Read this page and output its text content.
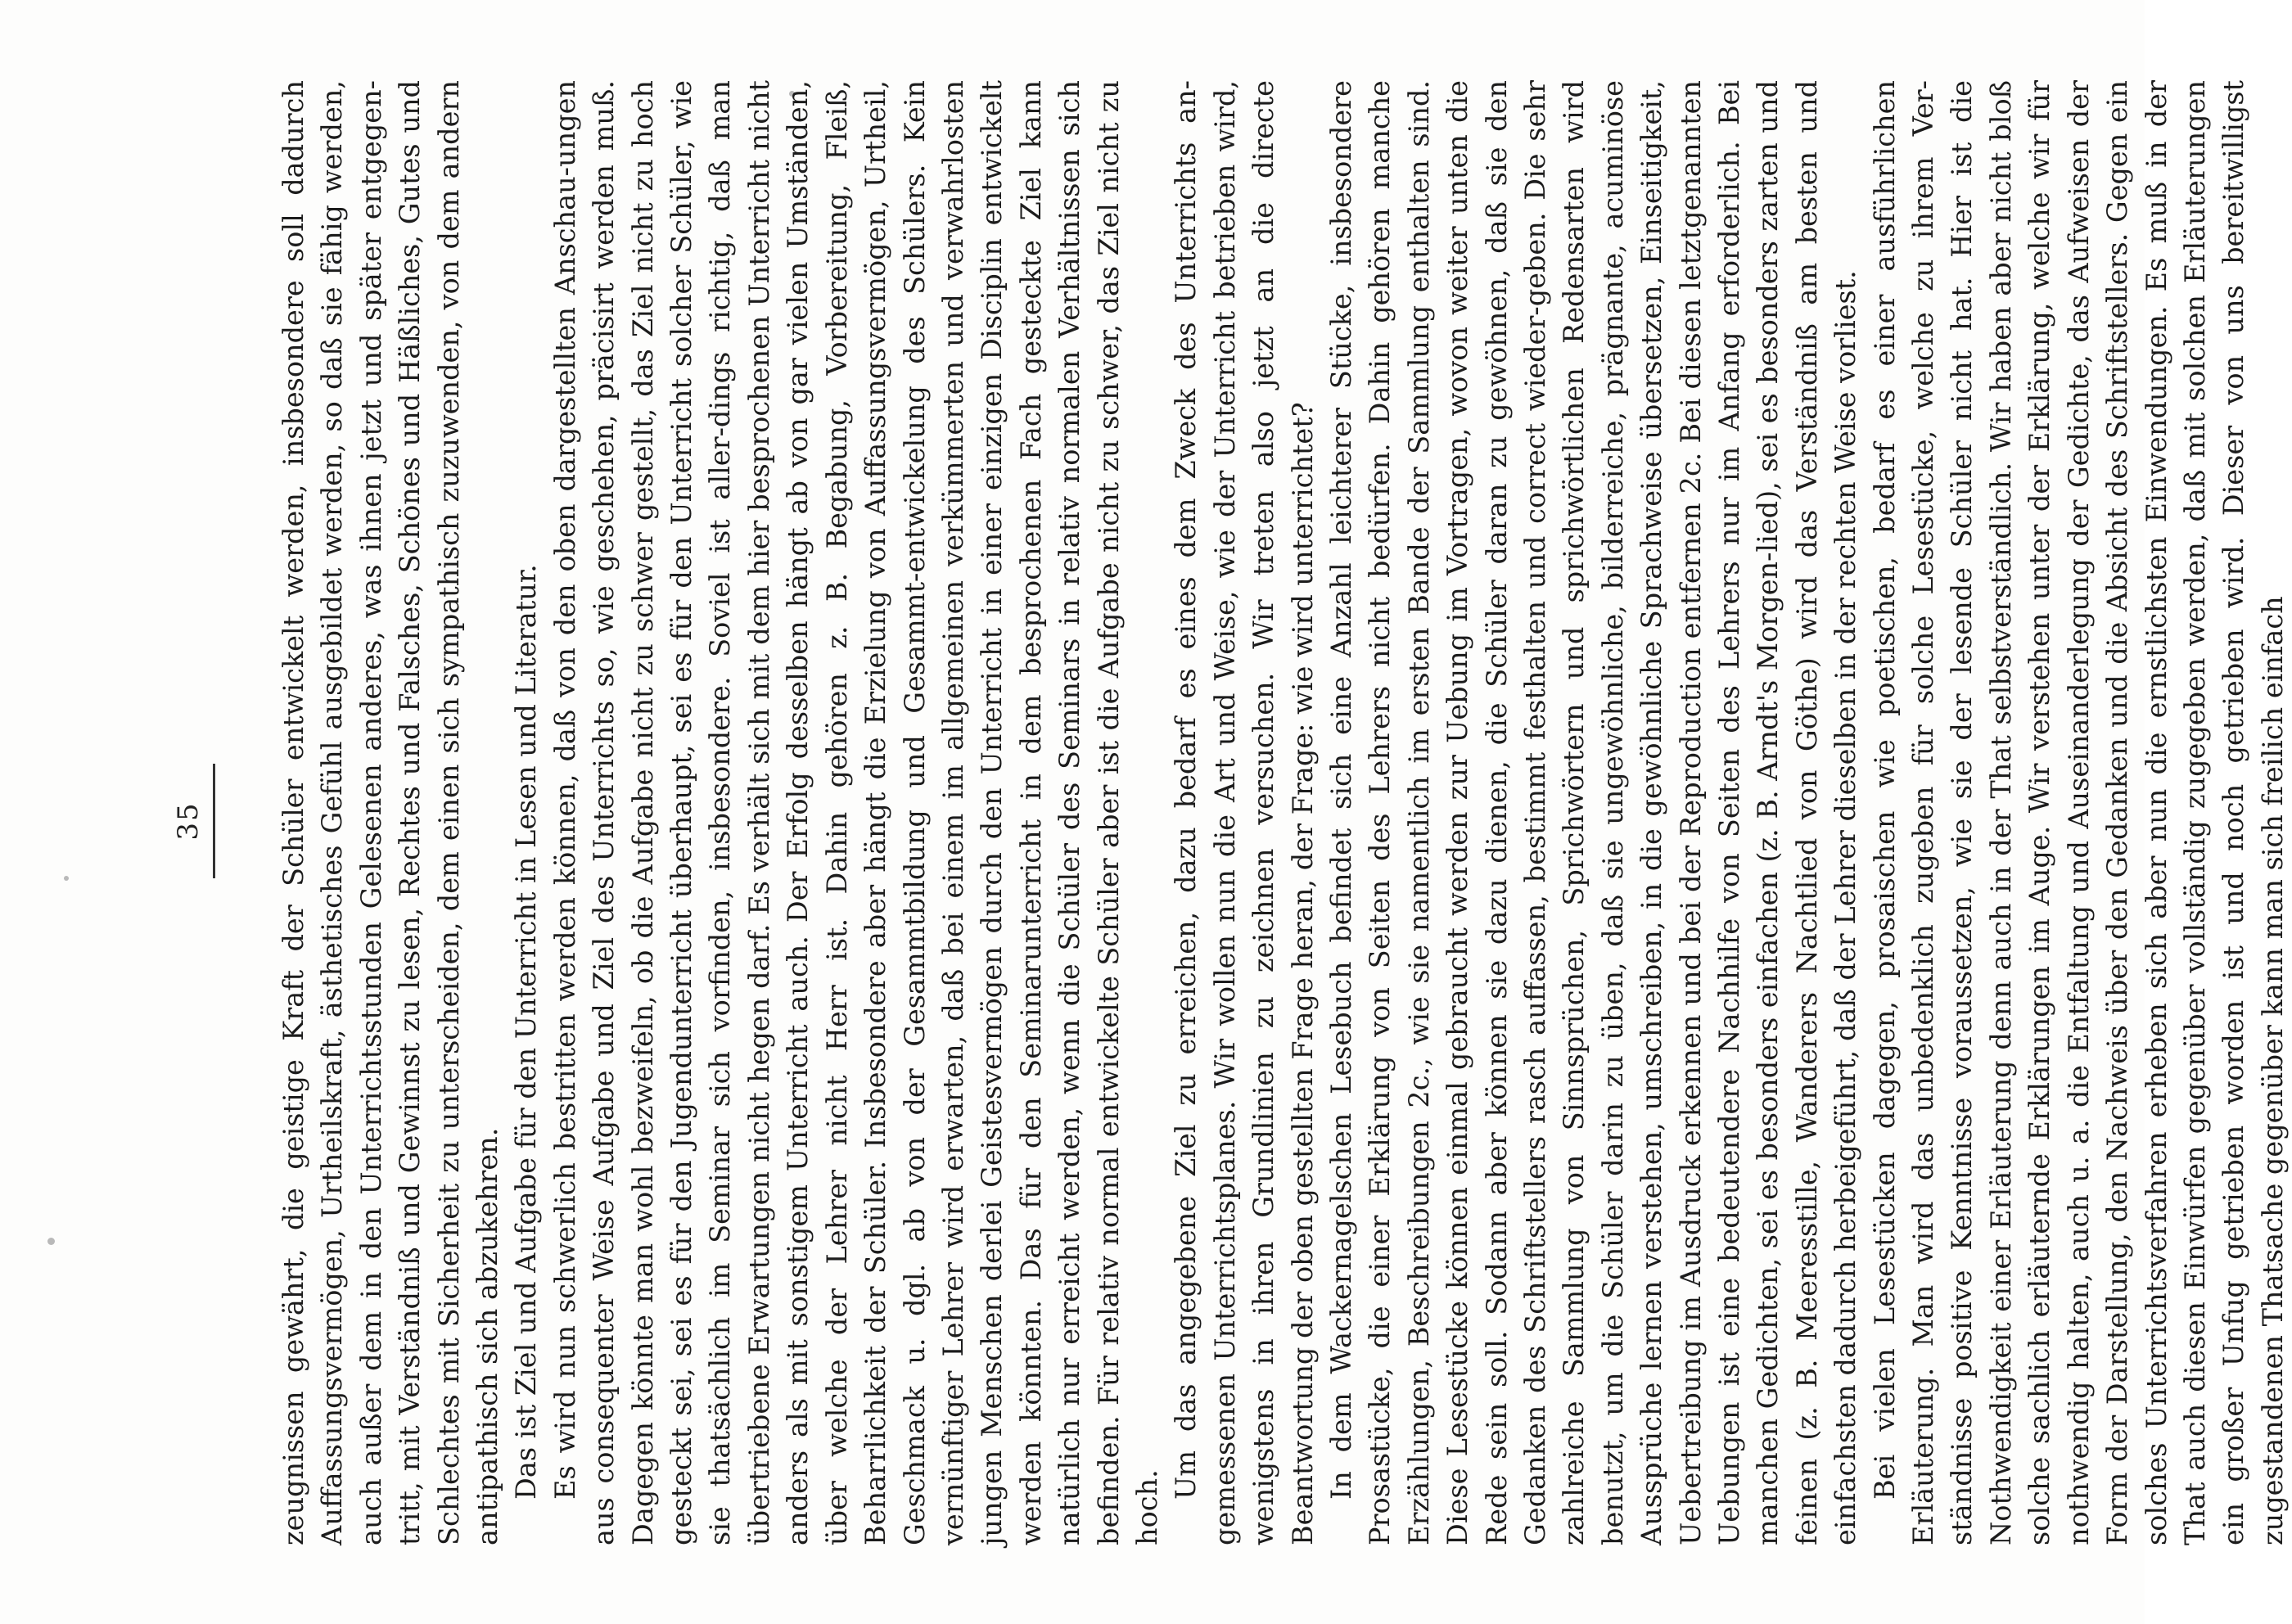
35	zeugnissen gewährt, die geistige Kraft der Schüler entwickelt werden, insbesondere soll dadurch Auffassungsvermögen, Urtheilskraft, ästhetisches Gefühl ausgebildet werden, so daß sie fähig werden, auch außer dem in den Unterrichtsstunden Gelesenen anderes, was ihnen jetzt und später entgegen-tritt, mit Verständniß und Gewinnst zu lesen, Rechtes und Falsches, Schönes und Häßliches, Gutes und Schlechtes mit Sicherheit zu unterscheiden, dem einen sich sympathisch zuzuwenden, von dem andern antipathisch sich abzukehren. Das ist Ziel und Aufgabe für den Unterricht in Lesen und Literatur. Es wird nun schwerlich bestritten werden können, daß von den oben dargestellten Anschau-ungen aus consequenter Weise Aufgabe und Ziel des Unterrichts so, wie geschehen, präcisirt werden muß. Dagegen könnte man wohl bezweifeln, ob die Aufgabe nicht zu schwer gestellt, das Ziel nicht zu hoch gesteckt sei, sei es für den Jugendunterricht überhaupt, sei es für den Unterricht solcher Schüler, wie sie thatsächlich im Seminar sich vorfinden, insbesondere. Soviel ist aller-dings richtig, daß man übertriebene Erwartungen nicht hegen darf. Es verhält sich mit dem hier besprochenen Unterricht nicht anders als mit sonstigem Unterricht auch. Der Erfolg desselben hängt ab von gar vielen Umständen, über welche der Lehrer nicht Herr ist. Dahin gehören z. B. Begabung, Vorbereitung, Fleiß, Beharrlichkeit der Schüler. Insbesondere aber hängt die Erzielung von Auffassungsvermögen, Urtheil, Geschmack u. dgl. ab von der Gesammtbildung und Gesammt-entwickelung des Schülers. Kein vernünftiger Lehrer wird erwarten, daß bei einem im allgemeinen verkümmerten und verwahrlosten jungen Menschen derlei Geistesvermögen durch den Unterricht in einer einzigen Disciplin entwickelt werden könnten. Das für den Seminarunterricht in dem besprochenen Fach gesteckte Ziel kann natürlich nur erreicht werden, wenn die Schüler des Seminars in relativ normalen Verhältnissen sich befinden. Für relativ normal entwickelte Schüler aber ist die Aufgabe nicht zu schwer, das Ziel nicht zu hoch.

Um das angegebene Ziel zu erreichen, dazu bedarf es eines dem Zweck des Unterrichts an-gemessenen Unterrichtsplanes. Wir wollen nun die Art und Weise, wie der Unterricht betrieben wird, wenigstens in ihren Grundlinien zu zeichnen versuchen. Wir treten also jetzt an die directe Beantwortung der oben gestellten Frage heran, der Frage: wie wird unterrichtet? In dem Wackernagelschen Lesebuch befindet sich eine Anzahl leichterer Stücke, insbesondere Prosastücke, die einer Erklärung von Seiten des Lehrers nicht bedürfen. Dahin gehören manche Erzählungen, Beschreibungen 2c., wie sie namentlich im ersten Bande der Sammlung enthalten sind. Diese Lesestücke können einmal gebraucht werden zur Uebung im Vortragen, wovon weiter unten die Rede sein soll. Sodann aber können sie dazu dienen, die Schüler daran zu gewöhnen, daß sie den Gedanken des Schriftstellers rasch auffassen, bestimmt festhalten und correct wieder-geben. Die sehr zahlreiche Sammlung von Sinnsprüchen, Sprichwörtern und sprichwörtlichen Redensarten wird benutzt, um die Schüler darin zu üben, daß sie ungewöhnliche, bilderreiche, prägnante, acuminöse Aussprüche lernen verstehen, umschreiben, in die gewöhnliche Sprachweise übersetzen, Einseitigkeit, Uebertreibung im Ausdruck erkennen und bei der Reproduction entfernen 2c. Bei diesen letztgenannten Uebungen ist eine bedeutendere Nachhilfe von Seiten des Lehrers nur im Anfang erforderlich. Bei manchen Gedichten, sei es besonders einfachen (z. B. Arndt's Morgen-lied), sei es besonders zarten und feinen (z. B. Meeresstille, Wanderers Nachtlied von Göthe) wird das Verständniß am besten und einfachsten dadurch herbeigeführt, daß der Lehrer dieselben in der rechten Weise vorliest. Bei vielen Lesestücken dagegen, prosaischen wie poetischen, bedarf es einer ausführlichen Erläuterung. Man wird das unbedenklich zugeben für solche Lesestücke, welche zu ihrem Ver-ständnisse positive Kenntnisse voraussetzen, wie sie der lesende Schüler nicht hat. Hier ist die Nothwendigkeit einer Erläuterung denn auch in der That selbstverständlich. Wir haben aber nicht bloß solche sachlich erläuternde Erklärungen im Auge. Wir verstehen unter der Erklärung, welche wir für nothwendig halten, auch u. a. die Entfaltung und Auseinanderlegung der Gedichte, das Aufweisen der Form der Darstellung, den Nachweis über den Gedanken und die Absicht des Schriftstellers. Gegen ein solches Unterrichtsverfahren erheben sich aber nun die ernstlichsten Einwendungen. Es muß in der That auch diesen Einwürfen gegenüber vollständig zugegeben werden, daß mit solchen Erläuterungen ein großer Unfug getrieben worden ist und noch getrieben wird. Dieser von uns bereitwilligst zugestandenen Thatsache gegenüber kann man sich freilich einfach
